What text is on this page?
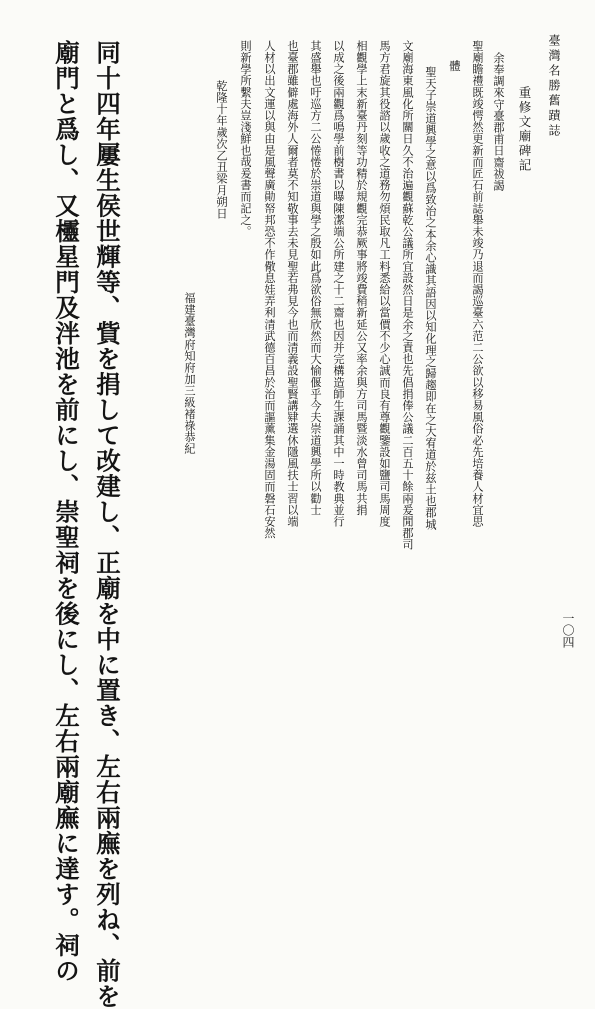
臺灣名勝舊蹟誌
重修文廟碑記
余奉調來守臺郡甫日齋祓謁
聖廟瞻禮既竣愕然更新而匠石前誌舉未竣乃退而謁巡臺六范二公欲以移易風俗必先培養人材宜思
體
聖天子崇道興學之意以爲致治之本余心識其語因以知化理之歸趨即在之大宥道於兹土也郡城
文廟海東風化所關日久不治遍觀蘇乾公議所宜設然日是余之責也先倡捐俸公議二百五十餘兩爰閒郡司
馬方君旋其役諮以歲收之道務勿煩民取凡工料悉給以當價不少心誠而良有尊觀鑒設如鹽司馬周度
相觀學上末新臺丹刻等功精於規觀完恭厥事將竣費稍新延公又率余與方司馬暨淡水曾司馬共捐
以成之後兩觀爲鳴學前樹書以曝陳潔端公所建之十二齋也因并完構造師生課誦其中一時教典並行
其盛舉也吁巡方二公惓惓於崇道與學之殷如此爲欲俗無欣然而大愉偃乎今夫崇道興學所以勸士
也臺郡雖僻處海外人爾者莫不知敬事去未見聖若弗見今也而清義設聖賢講肄選休隱風扶士習以端
人材以出文運以與由是風聲廣勛帑邦恐不作儆息娃弄利清武德百昌於治而謳薰集金湯固而磐石安然
則新學所繫夫豈淺鮮也哉爰書而記之。
乾隆十年歲次乙丑梁月朔日
福建臺灣府知府加三級褚祿恭紀
同十四年屢生侯世輝等、貲を捐して改建し、正廟を中に置き、左右兩廡を列ね、前を
廟門と爲し、又欞星門及泮池を前にし、崇聖祠を後にし、左右兩廟廡に達す。祠の	一〇四
